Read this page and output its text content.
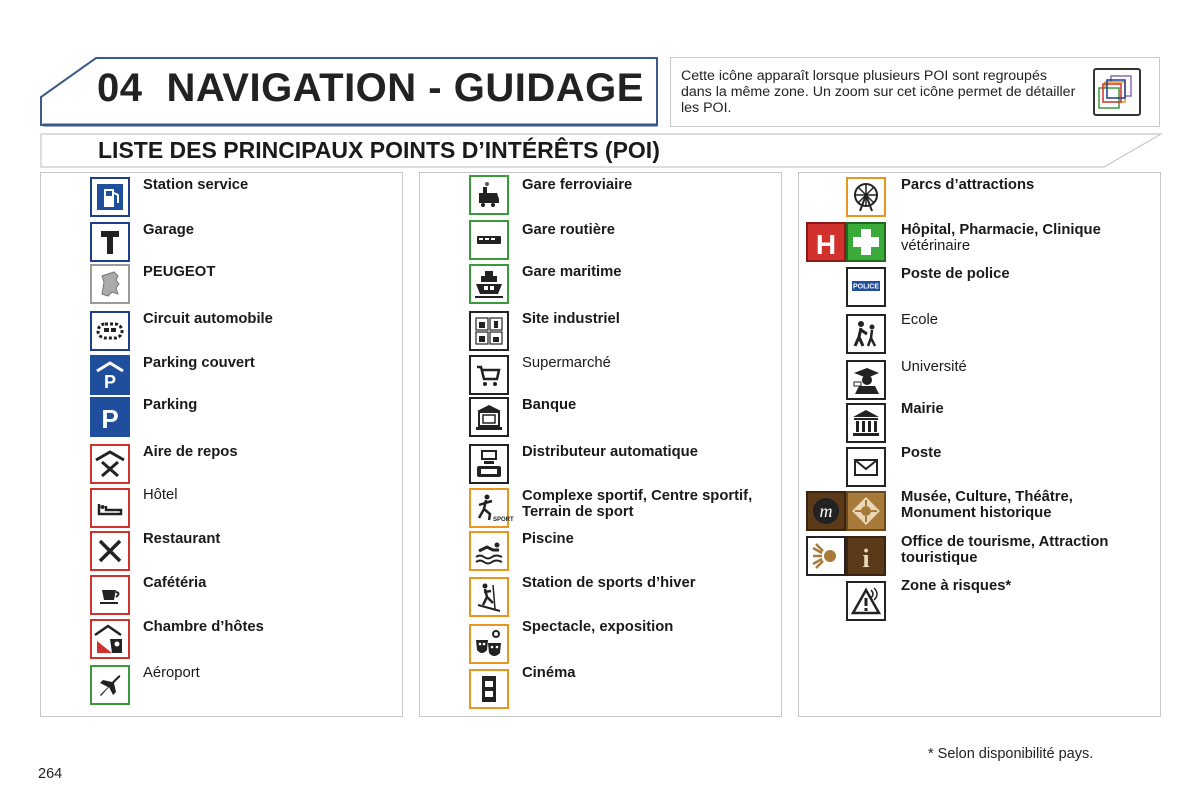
04 NAVIGATION - GUIDAGE	Cette icône apparaît lorsque plusieurs POI sont regroupés dans la même zone. Un zoom sur cet icône permet de détailler les POI.
LISTE DES PRINCIPAUX POINTS D’INTÉRÊTS (POI)
Station service
Garage
PEUGEOT
Circuit automobile
P
Parking couvert
P Parking
Aire de repos
Hôtel
Restaurant
Cafétéria
Chambre d’hôtes
Aéroport
Gare ferroviaire
Gare routière
Gare maritime
Site industriel
Supermarché
Banque
Distributeur automatique
SPORT
Complexe sportif, Centre sportif,
Terrain de sport
Piscine
Station de sports d’hiver
Spectacle, exposition
Cinéma
Parcs d’attractions
H	Hôpital, Pharmacie, Clinique
vétérinaire
POLICE
Poste de police
Ecole
Université
Mairie
Poste
m
Musée, Culture, Théâtre,
Monument historique
i
Office de tourisme, Attraction
touristique
Zone à risques*
* Selon disponibilité pays.
264
